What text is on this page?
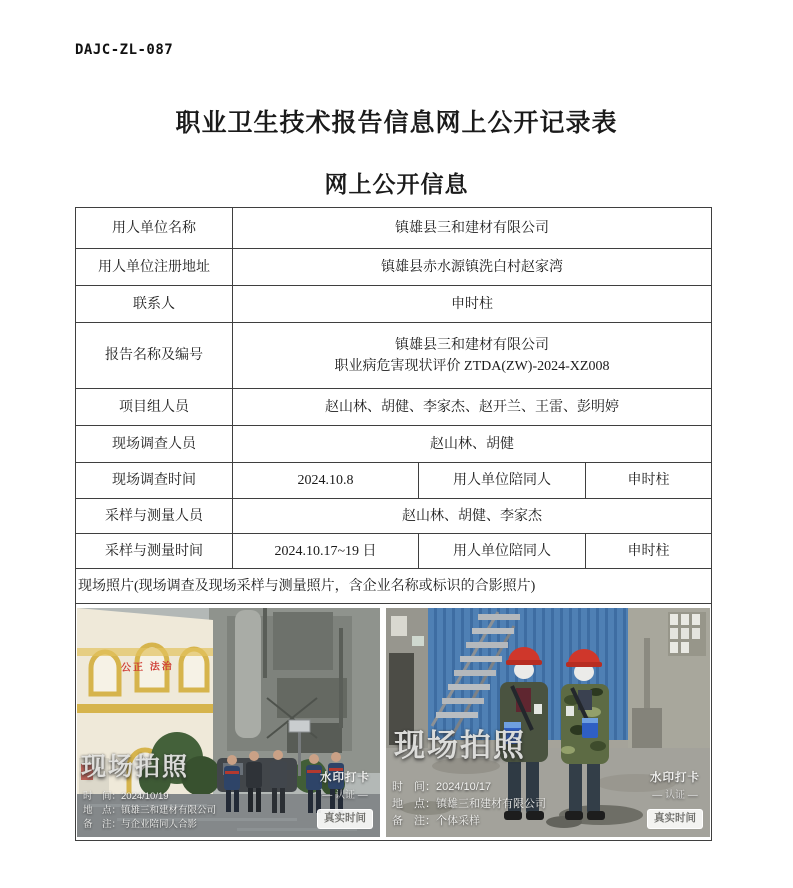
DAJC-ZL-087
职业卫生技术报告信息网上公开记录表
网上公开信息
用人单位名称	镇雄县三和建材有限公司		
用人单位注册地址	镇雄县赤水源镇洗白村赵家湾		
联系人	申时柱		
报告名称及编号	镇雄县三和建材有限公司
职业病危害现状评价 ZTDA(ZW)-2024-XZ008		

项目组人员	赵山林、胡健、李家杰、赵开兰、王雷、彭明婷		
现场调查人员	赵山林、胡健		
现场调查时间	2024.10.8	用人单位陪同人	申时柱
采样与测量人员	赵山林、胡健、李家杰		
采样与测量时间	2024.10.17~19 日	用人单位陪同人	申时柱
现场照片(现场调查及现场采样与测量照片，含企业名称或标识的合影照片)			

公正 法治
现场拍照
时　间：2024/10/19
地　点：镇雄三和建材有限公司
备　注：与企业陪同人合影
水印打卡
— 认证 —
真实时间
现场拍照
时　间：2024/10/17
地　点：镇雄三和建材有限公司
备　注：个体采样
水印打卡
— 认证 —
真实时间
